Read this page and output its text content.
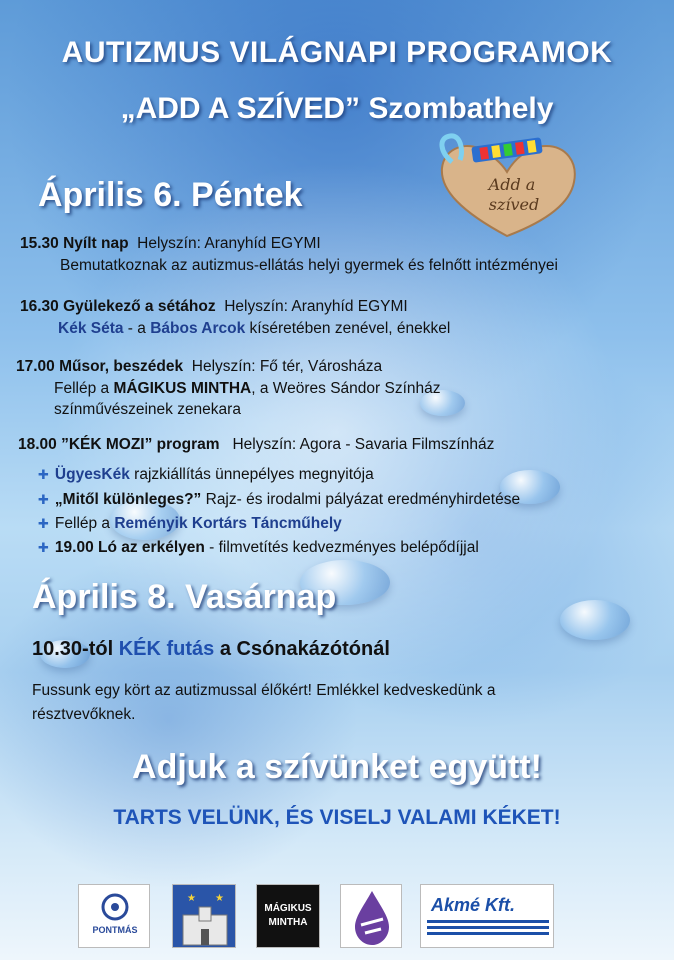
AUTIZMUS VILÁGNAPI PROGRAMOK
„ADD A SZÍVED” Szombathely
Add a
szíved
Április 6. Péntek
15.30 Nyílt nap Helyszín: Aranyhíd EGYMI
Bemutatkoznak az autizmus-ellátás helyi gyermek és felnőtt intézményei
16.30 Gyülekező a sétához Helyszín: Aranyhíd EGYMI
Kék Séta - a Bábos Arcok kíséretében zenével, énekkel
17.00 Műsor, beszédek Helyszín: Fő tér, Városháza
Fellép a MÁGIKUS MINTHA, a Weöres Sándor Színház
színművészeinek zenekara
18.00 ”KÉK MOZI” program Helyszín: Agora - Savaria Filmszínház
✚ ÜgyesKék rajzkiállítás ünnepélyes megnyitója
✚ „Mitől különleges?” Rajz- és irodalmi pályázat eredményhirdetése
✚ Fellép a Reményik Kortárs Táncműhely
✚ 19.00 Ló az erkélyen - filmvetítés kedvezményes belépődíjjal
Április 8. Vasárnap
10.30-tól KÉK futás a Csónakázótónál
Fussunk egy kört az autizmussal élőkért! Emlékkel kedveskedünk a
résztvevőknek.
Adjuk a szívünket együtt!
TARTS VELÜNK, ÉS VISELJ VALAMI KÉKET!
PONTMÁS
★ ★
MÁGIKUS
MINTHA
Akmé Kft.
